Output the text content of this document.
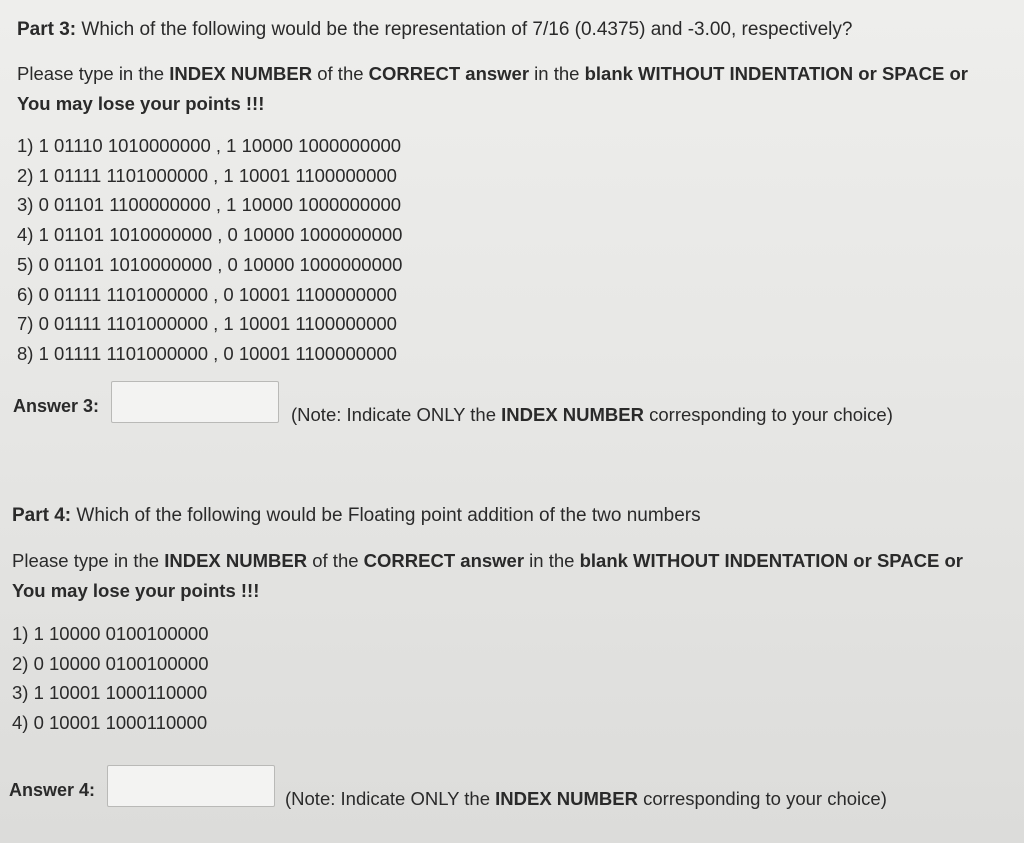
Part 3: Which of the following would be the representation of 7/16 (0.4375) and -3.00, respectively?
Please type in the INDEX NUMBER of the CORRECT answer in the blank WITHOUT INDENTATION or SPACE or
You may lose your points !!!
1) 1 01110 1010000000 , 1 10000 1000000000
2) 1 01111 1101000000 , 1 10001 1100000000
3) 0 01101 1100000000 , 1 10000 1000000000
4) 1 01101 1010000000 , 0 10000 1000000000
5) 0 01101 1010000000 , 0 10000 1000000000
6) 0 01111 1101000000 , 0 10001 1100000000
7) 0 01111 1101000000 , 1 10001 1100000000
8) 1 01111 1101000000 , 0 10001 1100000000
Answer 3:	(Note: Indicate ONLY the INDEX NUMBER corresponding to your choice)
Part 4: Which of the following would be Floating point addition of the two numbers
Please type in the INDEX NUMBER of the CORRECT answer in the blank WITHOUT INDENTATION or SPACE or
You may lose your points !!!
1) 1 10000 0100100000
2) 0 10000 0100100000
3) 1 10001 1000110000
4) 0 10001 1000110000
Answer 4:	(Note: Indicate ONLY the INDEX NUMBER corresponding to your choice)
